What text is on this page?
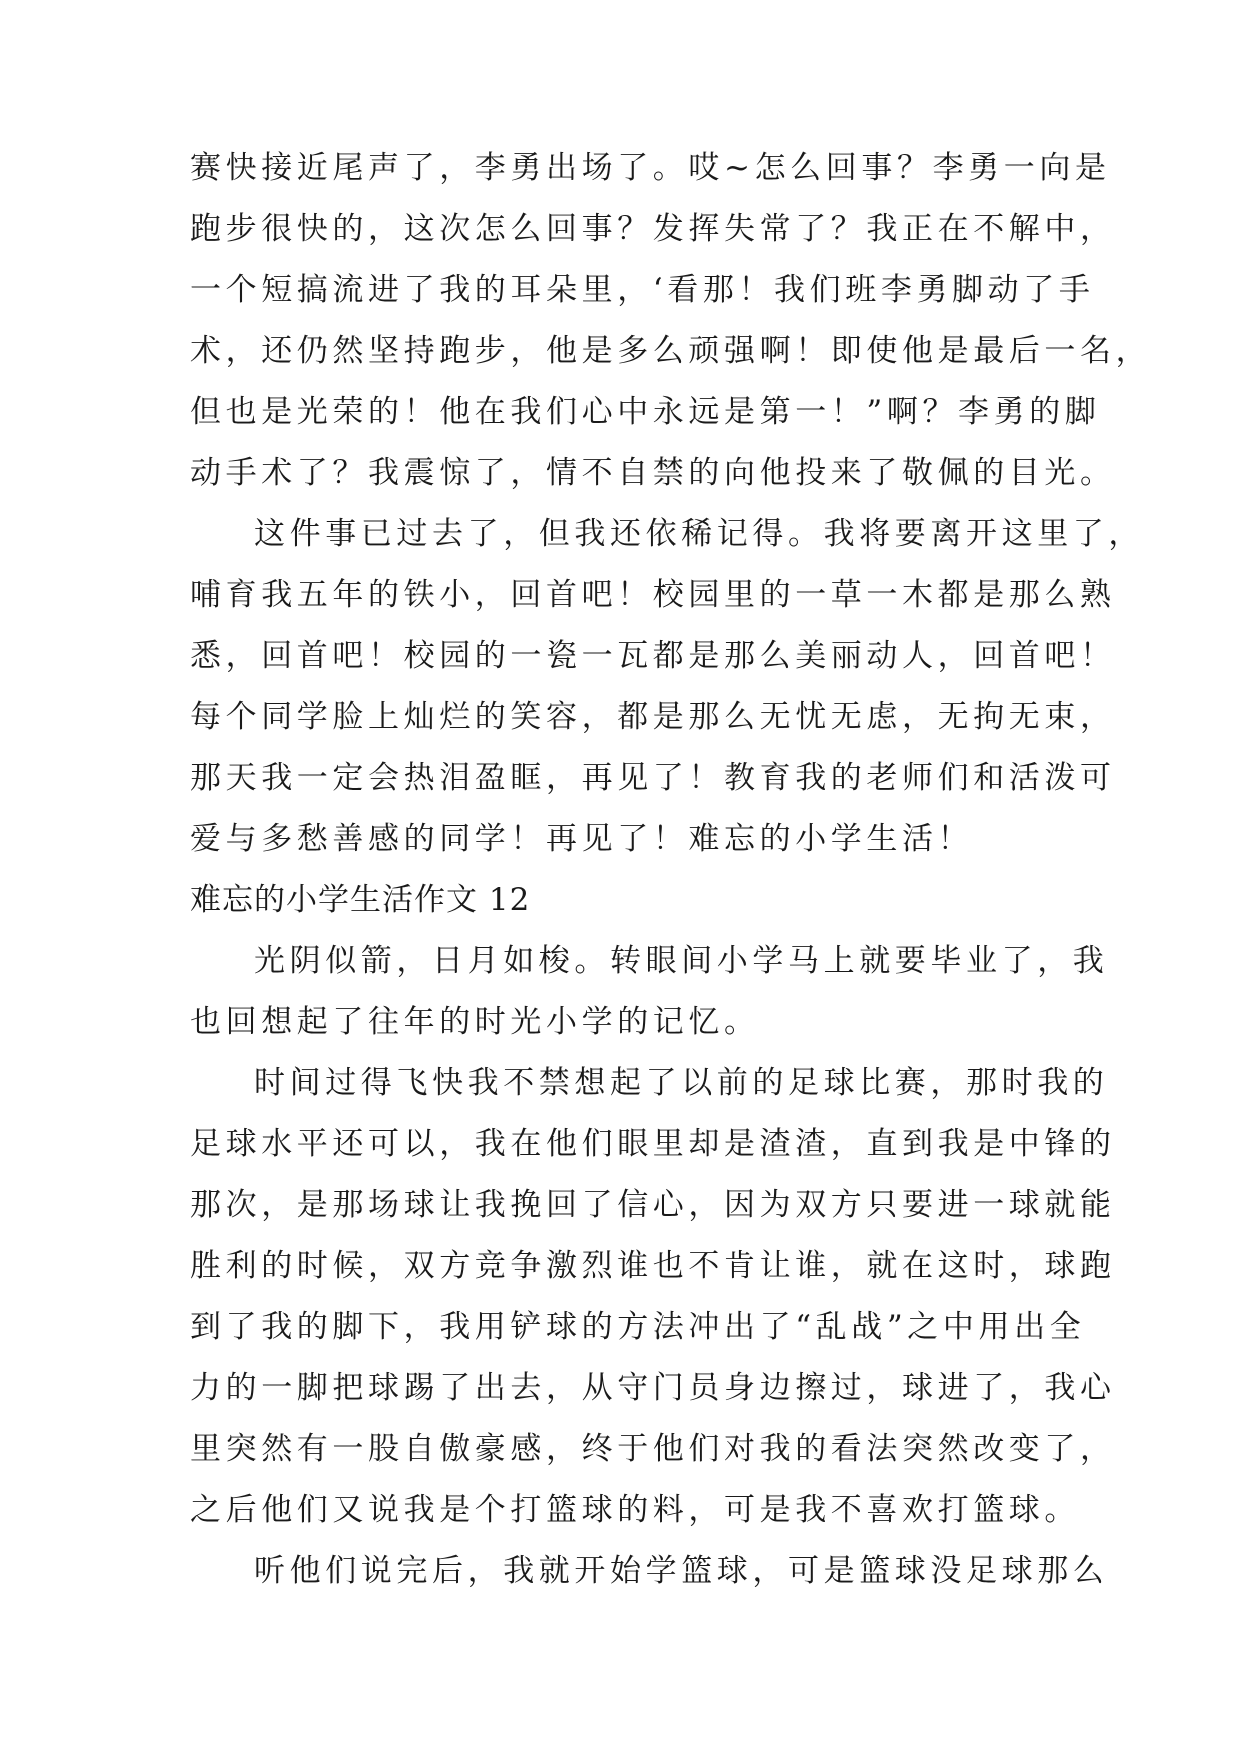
赛快接近尾声了，李勇出场了。哎~怎么回事？李勇一向是
跑步很快的，这次怎么回事？发挥失常了？我正在不解中，
一个短搞流进了我的耳朵里，‘看那！我们班李勇脚动了手
术，还仍然坚持跑步，他是多么顽强啊！即使他是最后一名，
但也是光荣的！他在我们心中永远是第一！”啊？李勇的脚
动手术了？我震惊了，情不自禁的向他投来了敬佩的目光。
这件事已过去了，但我还依稀记得。我将要离开这里了，
哺育我五年的铁小，回首吧！校园里的一草一木都是那么熟
悉，回首吧！校园的一瓷一瓦都是那么美丽动人，回首吧！
每个同学脸上灿烂的笑容，都是那么无忧无虑，无拘无束，
那天我一定会热泪盈眶，再见了！教育我的老师们和活泼可
爱与多愁善感的同学！再见了！难忘的小学生活！
难忘的小学生活作文 12
光阴似箭，日月如梭。转眼间小学马上就要毕业了，我
也回想起了往年的时光小学的记忆。
时间过得飞快我不禁想起了以前的足球比赛，那时我的
足球水平还可以，我在他们眼里却是渣渣，直到我是中锋的
那次，是那场球让我挽回了信心，因为双方只要进一球就能
胜利的时候，双方竞争激烈谁也不肯让谁，就在这时，球跑
到了我的脚下，我用铲球的方法冲出了“乱战”之中用出全
力的一脚把球踢了出去，从守门员身边擦过，球进了，我心
里突然有一股自傲豪感，终于他们对我的看法突然改变了，
之后他们又说我是个打篮球的料，可是我不喜欢打篮球。
听他们说完后，我就开始学篮球，可是篮球没足球那么
